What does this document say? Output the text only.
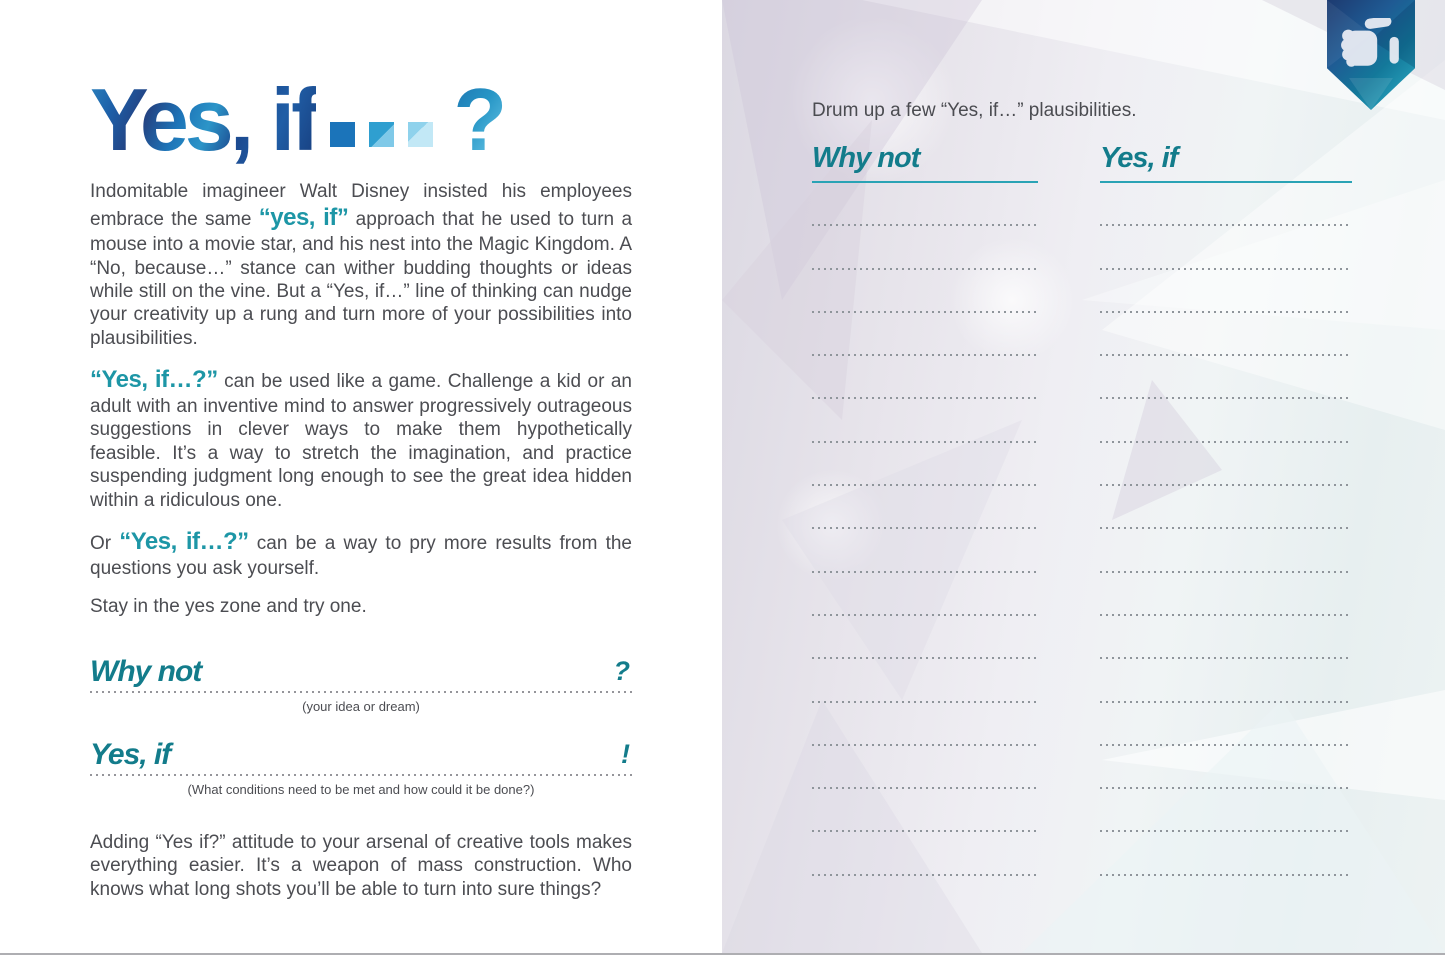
Yes, if ?

Indomitable imagineer Walt Disney insisted his employees embrace the same “yes, if” approach that he used to turn a mouse into a movie star, and his nest into the Magic Kingdom. A “No, because…” stance can wither budding thoughts or ideas while still on the vine. But a “Yes, if…” line of thinking can nudge your creativity up a rung and turn more of your possibilities into plausibilities.

“Yes, if…?” can be used like a game. Challenge a kid or an adult with an inventive mind to answer progressively outrageous suggestions in clever ways to make them hypothetically feasible. It’s a way to stretch the imagination, and practice suspending judgment long enough to see the great idea hidden within a ridiculous one.

Or “Yes, if…?” can be a way to pry more results from the questions you ask yourself.

Stay in the yes zone and try one.

Why not	?
(your idea or dream)
Yes, if	!
(What conditions need to be met and how could it be done?)

Adding “Yes if?” attitude to your arsenal of creative tools makes everything easier. It’s a weapon of mass construction. Who knows what long shots you’ll be able to turn into sure things?

Drum up a few “Yes, if…” plausibilities.

Why not	Yes, if
